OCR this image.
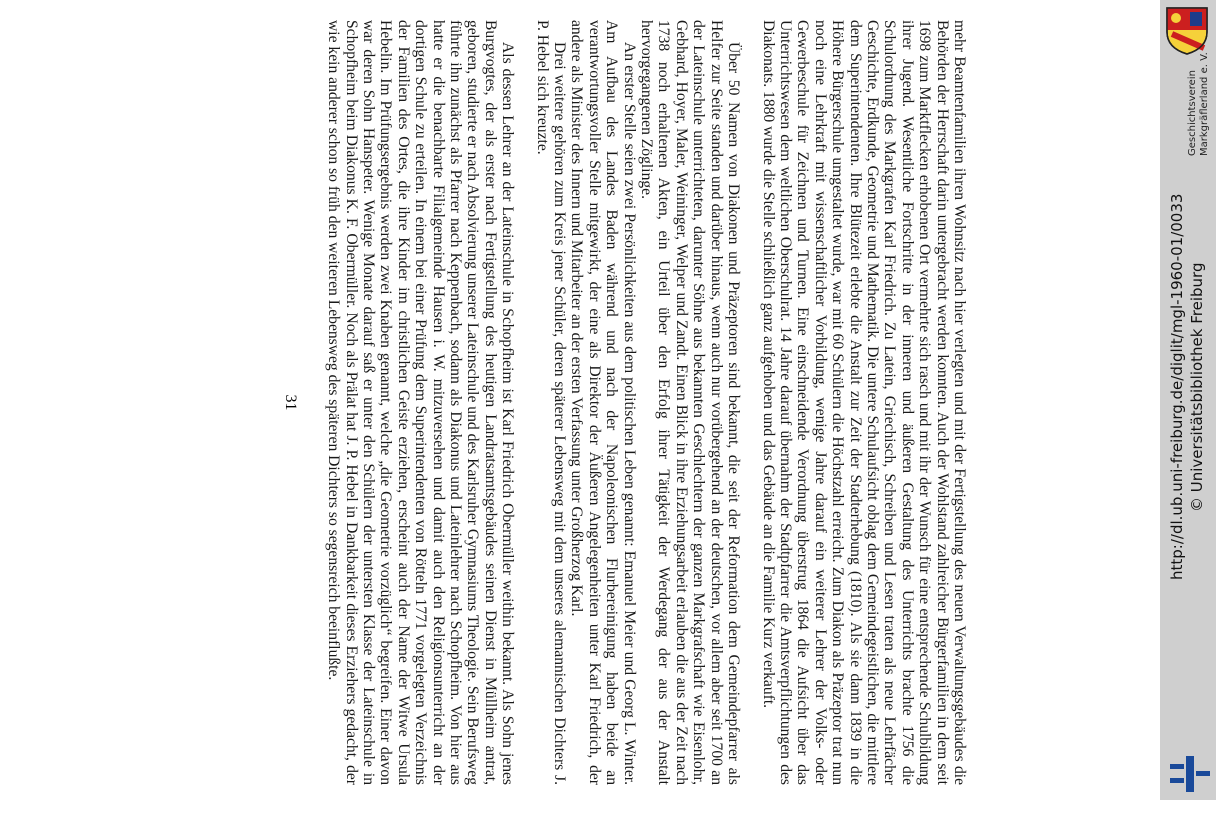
mehr Beamtenfamilien ihren Wohnsitz nach hier verlegten und mit der Fertigstellung des neuen Verwaltungsgebäudes die Behörden der Herrschaft darin untergebracht werden konnten. Auch der Wohlstand zahlreicher Bürgerfamilien in dem seit 1698 zum Marktflecken erhobenen Ort vermehrte sich rasch und mit ihr der Wunsch für eine entsprechende Schulbildung ihrer Jugend. Wesentliche Fortschritte in der inneren und äußeren Gestaltung des Unterrichts brachte 1756 die Schulordnung des Markgrafen Karl Friedrich. Zu Latein, Griechisch, Schreiben und Lesen traten als neue Lehrfächer Geschichte, Erdkunde, Geometrie und Mathematik. Die untere Schulaufsicht oblag dem Gemeindegeistlichen, die mittlere dem Superintendenten. Ihre Blütezeit erlebte die Anstalt zur Zeit der Stadterhebung (1810). Als sie dann 1839 in die Höhere Bürgerschule umgestaltet wurde, war mit 60 Schülern die Höchstzahl erreicht. Zum Diakon als Präzeptor trat nun noch eine Lehrkraft mit wissenschaftlicher Vorbildung, wenige Jahre darauf ein weiterer Lehrer der Volks- oder Gewerbeschule für Zeichnen und Turnen. Eine einschneidende Verordnung überstrug 1864 die Aufsicht über das Unterrichtswesen dem weltlichen Oberschulrat. 14 Jahre darauf übernahm der Stadtpfarrer die Amtsverpflichtungen des Diakonats. 1880 wurde die Stelle schließlich ganz aufgehoben und das Gebäude an die Familie Kurz verkauft.

Über 50 Namen von Diakonen und Präzeptoren sind bekannt, die seit der Reformation dem Gemeindepfarrer als Helfer zur Seite standen und darüber hinaus, wenn auch nur vorübergehend an der deutschen, vor allem aber seit 1700 an der Lateinschule unterrichteten, darunter Söhne aus bekannten Geschlechtern der ganzen Markgrafschaft wie Eisenlohr, Gebhard, Hoyer, Maler, Weininger, Welper und Zandt. Einen Blick in ihre Erziehungsarbeit erlauben die aus der Zeit nach 1738 noch erhaltenen Akten, ein Urteil über den Erfolg ihrer Tätigkeit der Werdegang der aus der Anstalt hervorgegangenen Zöglinge.

An erster Stelle seien zwei Persönlichkeiten aus dem politischen Leben genannt: Emanuel Meier und Georg L. Winter. Am Aufbau des Landes Baden während und nach der Napoleonischen Flurbereinigung haben beide an verantwortungsvoller Stelle mitgewirkt, der eine als Direktor der Äußeren Angelegenheiten unter Karl Friedrich, der andere als Minister des Innern und Mitarbeiter an der ersten Verfassung unter Großherzog Karl.

Drei weitere gehören zum Kreis jener Schüler, deren späterer Lebensweg mit dem unseres alemannischen Dichters J. P. Hebel sich kreuzte.

Als dessen Lehrer an der Lateinschule in Schopfheim ist Karl Friedrich Obermüller weithin bekannt. Als Sohn jenes Burgvogtes, der als erster nach Fertigstellung des heutigen Landratsamtsgebäudes seinen Dienst in Müllheim antrat, geboren, studierte er nach Absolvierung unserer Lateinschule und des Karlsruher Gymnasiums Theologie. Sein Berufsweg führte ihn zunächst als Pfarrer nach Keppenbach, sodann als Diakonus und Lateinlehrer nach Schopfheim. Von hier aus hatte er die benachbarte Filialgemeinde Hausen i. W. mitzuversehen und damit auch den Religionsunterricht an der dortigen Schule zu erteilen. In einem bei einer Prüfung dem Superintendenten von Rötteln 1771 vorgelegten Verzeichnis der Familien des Ortes, die ihre Kinder im christlichen Geiste erziehen, erscheint auch der Name der Witwe Ursula Hebelin. Im Prüfungsergebnis werden zwei Knaben genannt, welche „die Geometrie vorzüglich“ begreifen. Einer davon war deren Sohn Hanspeter. Wenige Monate darauf saß er unter den Schülern der untersten Klasse der Lateinschule in Schopfheim beim Diakonus K. F. Obermüller. Noch als Prälat hat J. P. Hebel in Dankbarkeit dieses Erziehers gedacht, der wie kein anderer schon so früh den weiteren Lebensweg des späteren Dichters so segensreich beeinflußte.

31
Geschichtsverein Markgräflerland e. V.
http://dl.ub.uni-freiburg.de/diglit/mgl-1960-01/0033 © Universitätsbibliothek Freiburg
